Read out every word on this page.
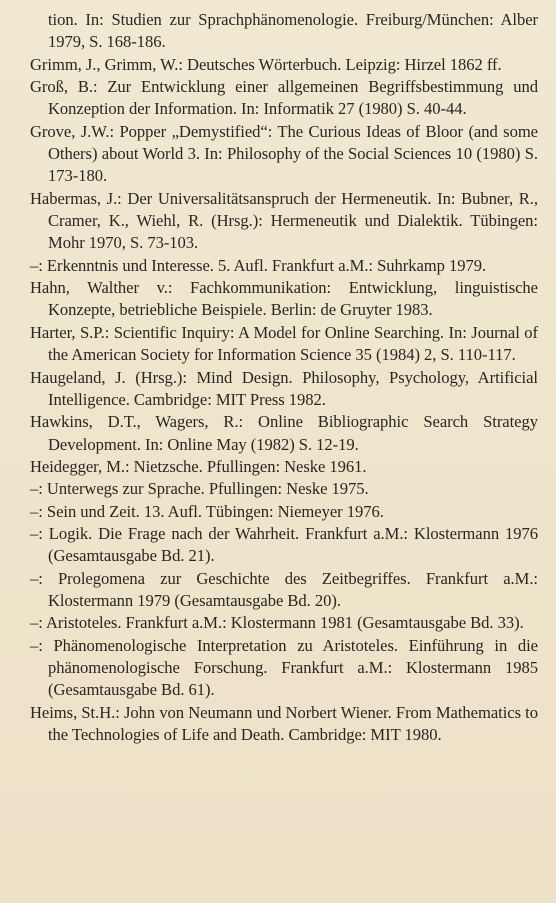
tion. In: Studien zur Sprachphänomenologie. Freiburg/München: Alber 1979, S. 168-186.

Grimm, J., Grimm, W.: Deutsches Wörterbuch. Leipzig: Hirzel 1862 ff.

Groß, B.: Zur Entwicklung einer allgemeinen Begriffsbestimmung und Konzeption der Information. In: Informatik 27 (1980) S. 40-44.

Grove, J.W.: Popper „Demystified“: The Curious Ideas of Bloor (and some Others) about World 3. In: Philosophy of the Social Sciences 10 (1980) S. 173-180.

Habermas, J.: Der Universalitätsanspruch der Hermeneutik. In: Bubner, R., Cramer, K., Wiehl, R. (Hrsg.): Hermeneutik und Dialektik. Tübingen: Mohr 1970, S. 73-103.

–: Erkenntnis und Interesse. 5. Aufl. Frankfurt a.M.: Suhrkamp 1979.

Hahn, Walther v.: Fachkommunikation: Entwicklung, linguistische Konzepte, betriebliche Beispiele. Berlin: de Gruyter 1983.

Harter, S.P.: Scientific Inquiry: A Model for Online Searching. In: Journal of the American Society for Information Science 35 (1984) 2, S. 110-117.

Haugeland, J. (Hrsg.): Mind Design. Philosophy, Psychology, Artificial Intelligence. Cambridge: MIT Press 1982.

Hawkins, D.T., Wagers, R.: Online Bibliographic Search Strategy Development. In: Online May (1982) S. 12-19.

Heidegger, M.: Nietzsche. Pfullingen: Neske 1961.

–: Unterwegs zur Sprache. Pfullingen: Neske 1975.

–: Sein und Zeit. 13. Aufl. Tübingen: Niemeyer 1976.

–: Logik. Die Frage nach der Wahrheit. Frankfurt a.M.: Klostermann 1976 (Gesamtausgabe Bd. 21).

–: Prolegomena zur Geschichte des Zeitbegriffes. Frankfurt a.M.: Klostermann 1979 (Gesamtausgabe Bd. 20).

–: Aristoteles. Frankfurt a.M.: Klostermann 1981 (Gesamtausgabe Bd. 33).

–: Phänomenologische Interpretation zu Aristoteles. Einführung in die phänomenologische Forschung. Frankfurt a.M.: Klostermann 1985 (Gesamtausgabe Bd. 61).

Heims, St.H.: John von Neumann und Norbert Wiener. From Mathematics to the Technologies of Life and Death. Cambridge: MIT 1980.
